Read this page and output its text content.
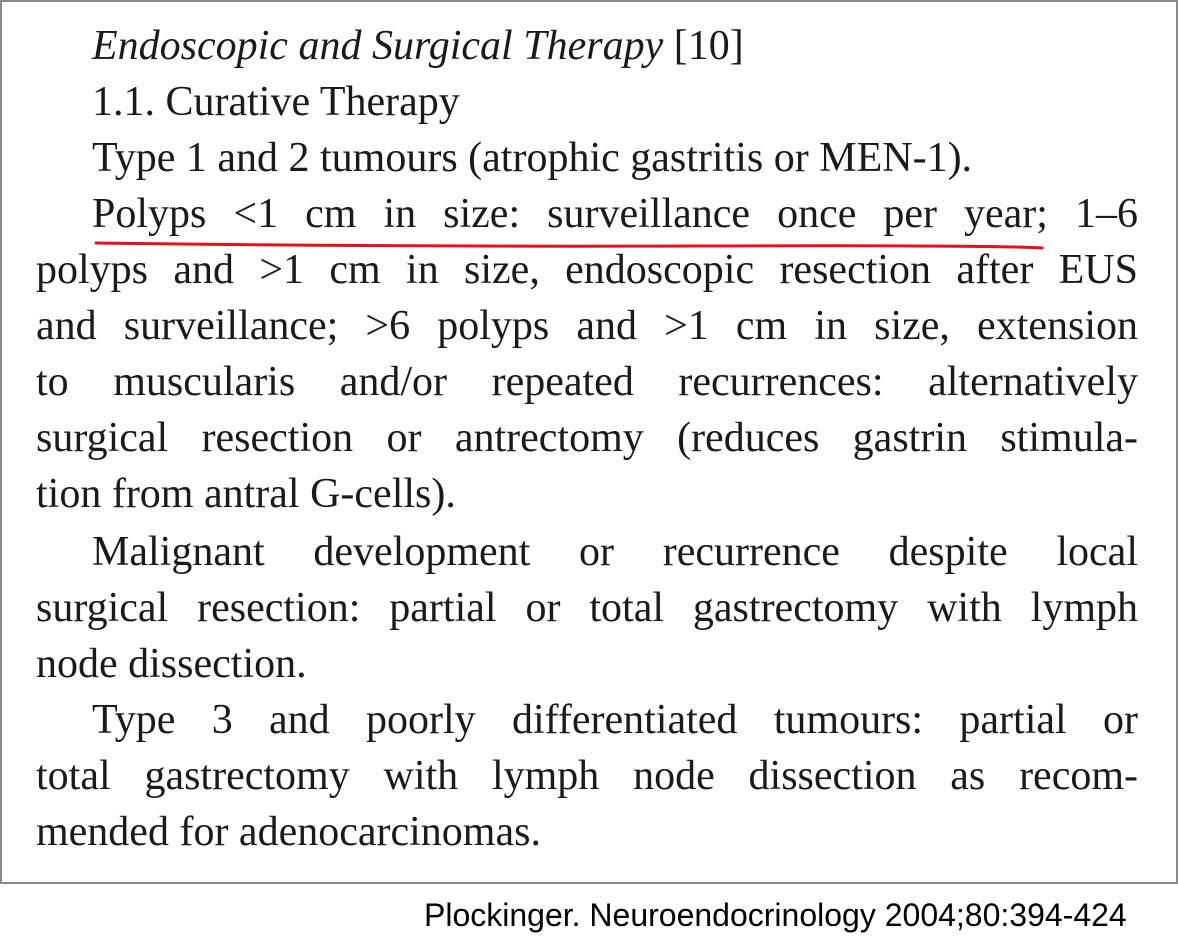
Endoscopic and Surgical Therapy [10]
1.1. Curative Therapy
Type 1 and 2 tumours (atrophic gastritis or MEN-1).
Polyps <1 cm in size: surveillance once per year; 1–6
polyps and >1 cm in size, endoscopic resection after EUS
and surveillance; >6 polyps and >1 cm in size, extension
to muscularis and/or repeated recurrences: alternatively
surgical resection or antrectomy (reduces gastrin stimula-
tion from antral G-cells).
Malignant development or recurrence despite local
surgical resection: partial or total gastrectomy with lymph
node dissection.
Type 3 and poorly differentiated tumours: partial or
total gastrectomy with lymph node dissection as recom-
mended for adenocarcinomas.
Plockinger. Neuroendocrinology 2004;80:394-424
